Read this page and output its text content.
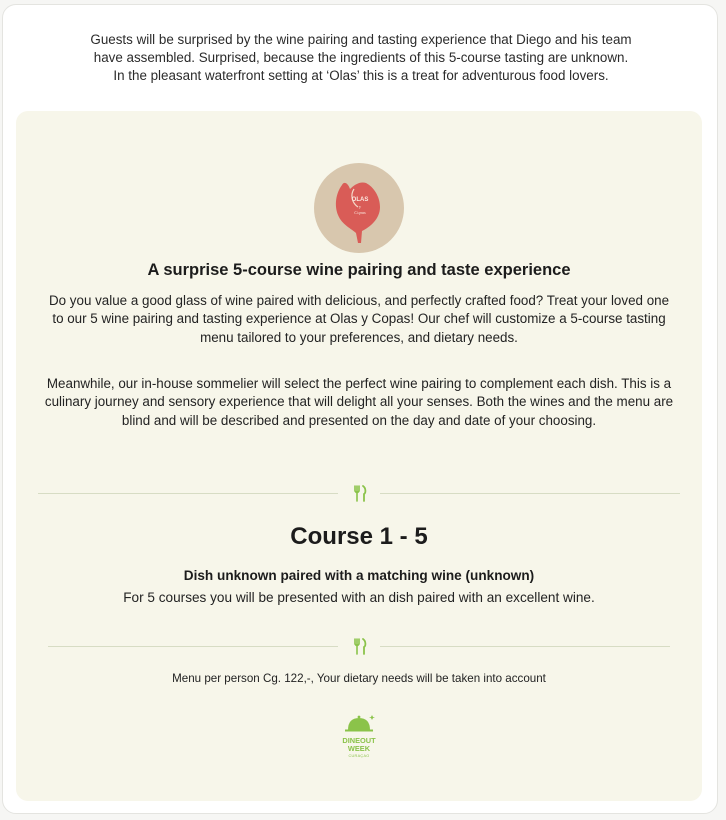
Guests will be surprised by the wine pairing and tasting experience that Diego and his team
have assembled. Surprised, because the ingredients of this 5-course tasting are unknown.
In the pleasant waterfront setting at ‘Olas’ this is a treat for adventurous food lovers.
OLAS
y
Copas
A surprise 5-course wine pairing and taste experience
Do you value a good glass of wine paired with delicious, and perfectly crafted food? Treat your loved one to our 5 wine pairing and tasting experience at Olas y Copas! Our chef will customize a 5-course tasting menu tailored to your preferences, and dietary needs.
Meanwhile, our in-house sommelier will select the perfect wine pairing to complement each dish. This is a culinary journey and sensory experience that will delight all your senses. Both the wines and the menu are blind and will be described and presented on the day and date of your choosing.
Course 1 - 5
Dish unknown paired with a matching wine (unknown)
For 5 courses you will be presented with an dish paired with an excellent wine.
Menu per person Cg. 122,-, Your dietary needs will be taken into account
DINEOUT
WEEK
CURAÇAO
